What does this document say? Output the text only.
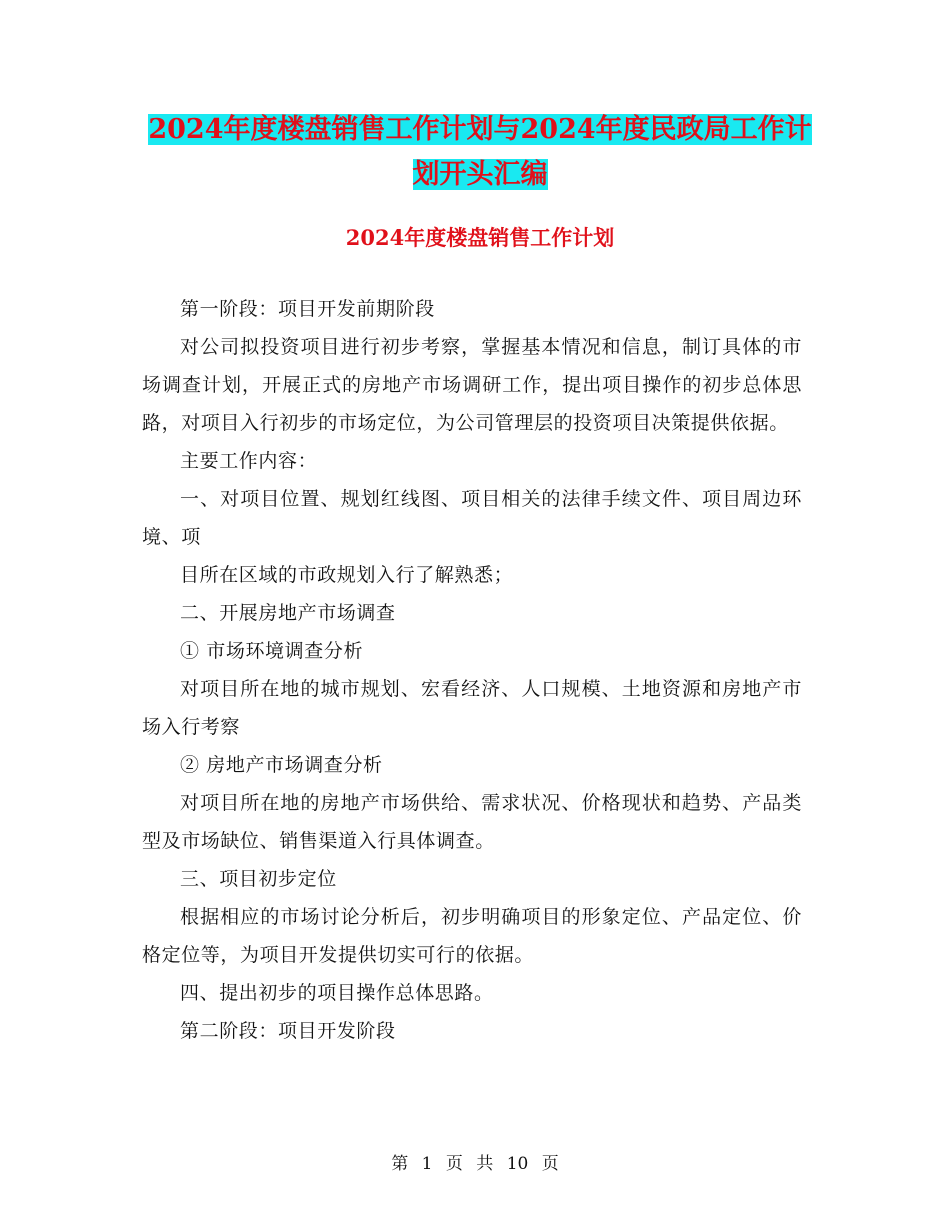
2024年度楼盘销售工作计划与2024年度民政局工作计
划开头汇编
2024年度楼盘销售工作计划

第一阶段：项目开发前期阶段

对公司拟投资项目进行初步考察，掌握基本情况和信息，制订具体的市场调查计划，开展正式的房地产市场调研工作，提出项目操作的初步总体思路，对项目入行初步的市场定位，为公司管理层的投资项目决策提供依据。

主要工作内容：

一、对项目位置、规划红线图、项目相关的法律手续文件、项目周边环境、项

目所在区域的市政规划入行了解熟悉；

二、开展房地产市场调查

① 市场环境调查分析

对项目所在地的城市规划、宏看经济、人口规模、土地资源和房地产市场入行考察

② 房地产市场调查分析

对项目所在地的房地产市场供给、需求状况、价格现状和趋势、产品类型及市场缺位、销售渠道入行具体调查。

三、项目初步定位

根据相应的市场讨论分析后，初步明确项目的形象定位、产品定位、价格定位等，为项目开发提供切实可行的依据。

四、提出初步的项目操作总体思路。

第二阶段：项目开发阶段

第 1 页 共 10 页
